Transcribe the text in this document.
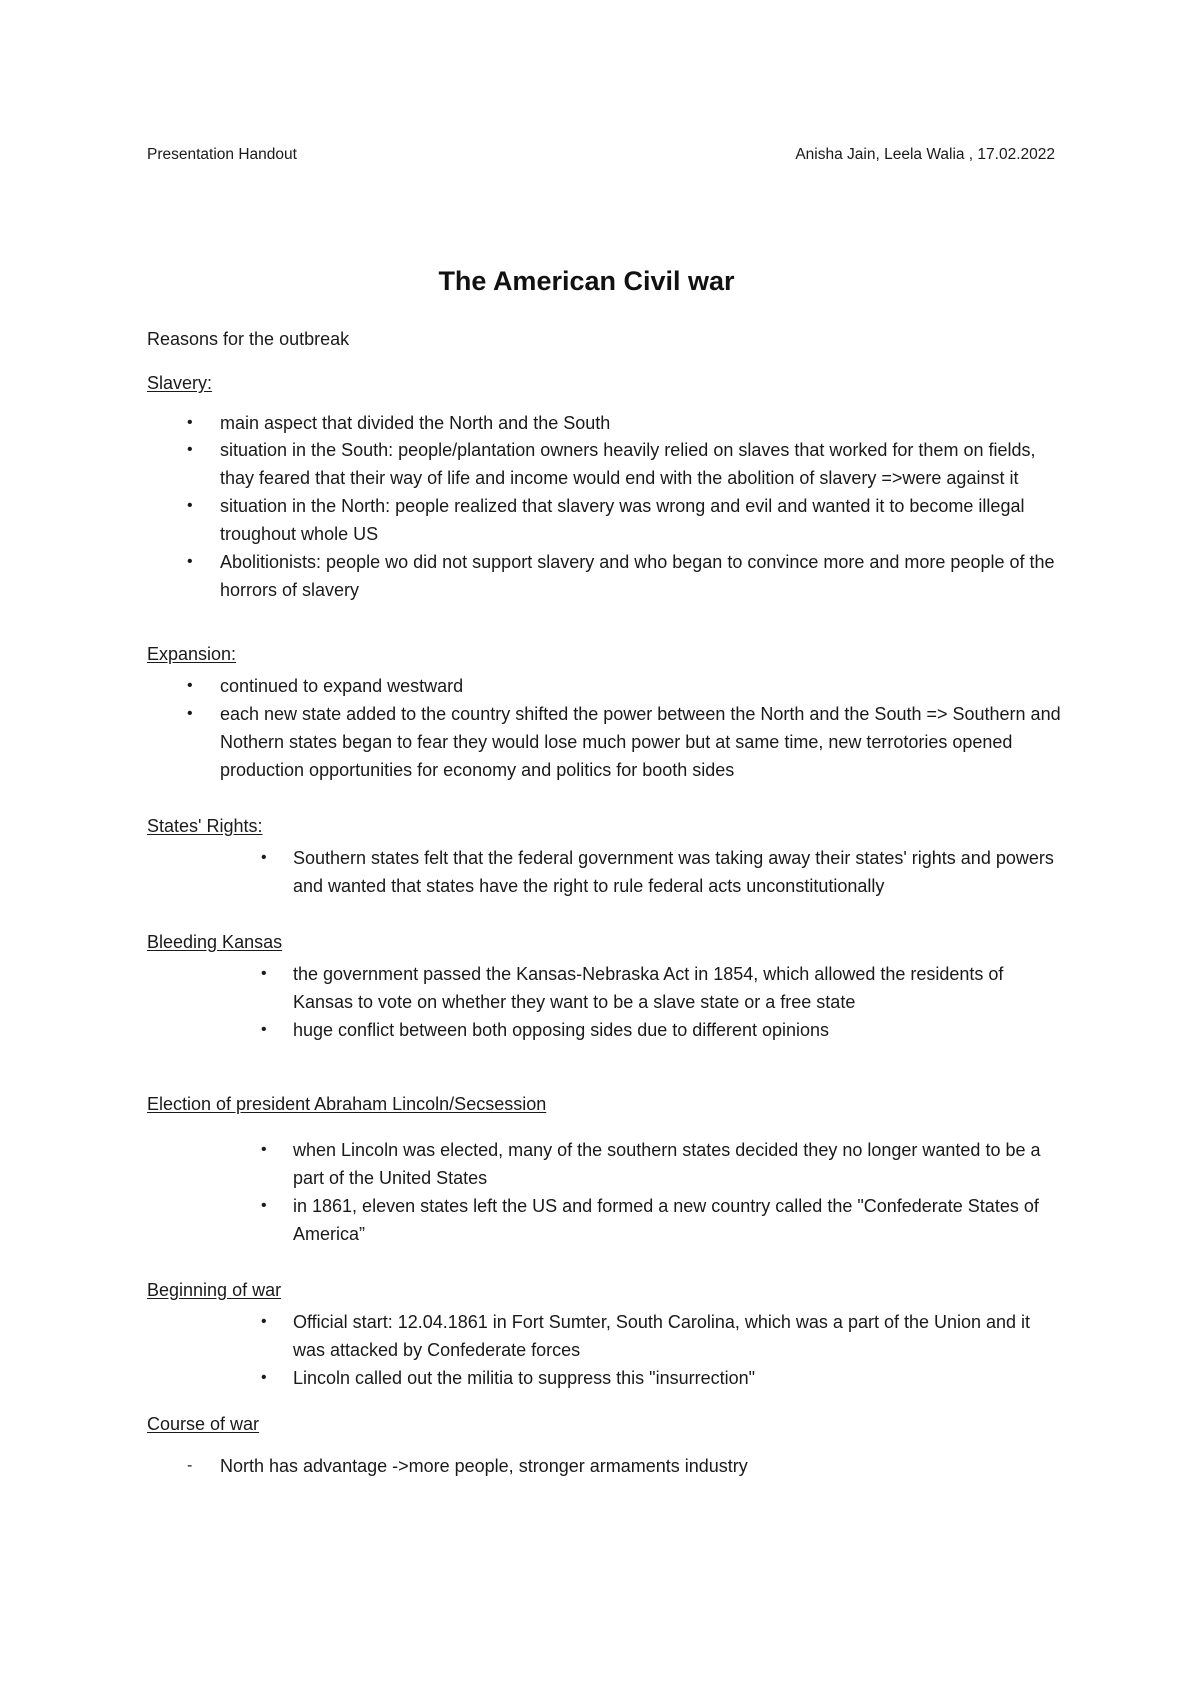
Presentation Handout	Anisha Jain, Leela Walia , 17.02.2022
The American Civil war

Reasons for the outbreak

Slavery:

• main aspect that divided the North and the South
• situation in the South: people/plantation owners heavily relied on slaves that worked for them on fields, thay feared that their way of life and income would end with the abolition of slavery =>were against it
• situation in the North: people realized that slavery was wrong and evil and wanted it to become illegal troughout whole US
• Abolitionists: people wo did not support slavery and who began to convince more and more people of the horrors of slavery

Expansion:

• continued to expand westward
• each new state added to the country shifted the power between the North and the South => Southern and Nothern states began to fear they would lose much power but at same time, new terrotories opened production opportunities for economy and politics for booth sides

States' Rights:

• Southern states felt that the federal government was taking away their states' rights and powers and wanted that states have the right to rule federal acts unconstitutionally

Bleeding Kansas

• the government passed the Kansas-Nebraska Act in 1854, which allowed the residents of Kansas to vote on whether they want to be a slave state or a free state
• huge conflict between both opposing sides due to different opinions

Election of president Abraham Lincoln/Secsession

• when Lincoln was elected, many of the southern states decided they no longer wanted to be a part of the United States
• in 1861, eleven states left the US and formed a new country called the "Confederate States of America”

Beginning of war

• Official start: 12.04.1861 in Fort Sumter, South Carolina, which was a part of the Union and it was attacked by Confederate forces
• Lincoln called out the militia to suppress this "insurrection"

Course of war

- North has advantage ->more people, stronger armaments industry
